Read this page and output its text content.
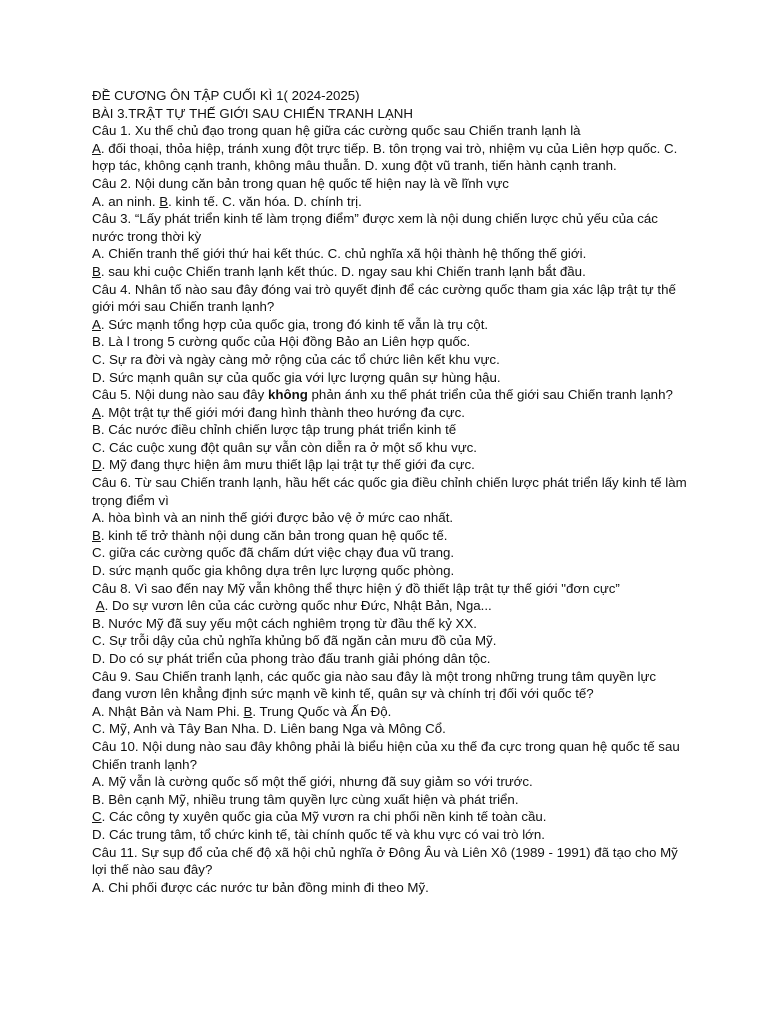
ĐỀ CƯƠNG ÔN TẬP CUỐI KÌ 1( 2024-2025)
BÀI 3.TRẬT TỰ THẾ GIỚI SAU CHIẾN TRANH LẠNH
Câu 1. Xu thế chủ đạo trong quan hệ giữa các cường quốc sau Chiến tranh lạnh là
A. đối thoại, thỏa hiệp, tránh xung đột trực tiếp. B. tôn trọng vai trò, nhiệm vụ của Liên hợp quốc. C. hợp tác, không cạnh tranh, không mâu thuẫn. D. xung đột vũ tranh, tiến hành cạnh tranh.
Câu 2. Nội dung căn bản trong quan hệ quốc tế hiện nay là về lĩnh vực
A. an ninh. B. kinh tế. C. văn hóa. D. chính trị.
Câu 3. “Lấy phát triển kinh tế làm trọng điểm” được xem là nội dung chiến lược chủ yếu của các nước trong thời kỳ
A. Chiến tranh thế giới thứ hai kết thúc. C. chủ nghĩa xã hội thành hệ thống thế giới.
B. sau khi cuộc Chiến tranh lạnh kết thúc. D. ngay sau khi Chiến tranh lạnh bắt đầu.
Câu 4. Nhân tố nào sau đây đóng vai trò quyết định để các cường quốc tham gia xác lập trật tự thế giới mới sau Chiến tranh lạnh?
A. Sức mạnh tổng hợp của quốc gia, trong đó kinh tế vẫn là trụ cột.
B. Là l trong 5 cường quốc của Hội đồng Bảo an Liên hợp quốc.
C. Sự ra đời và ngày càng mở rộng của các tổ chức liên kết khu vực.
D. Sức mạnh quân sự của quốc gia với lực lượng quân sự hùng hậu.
Câu 5. Nội dung nào sau đây không phản ánh xu thế phát triển của thế giới sau Chiến tranh lạnh?
A. Một trật tự thế giới mới đang hình thành theo hướng đa cực.
B. Các nước điều chỉnh chiến lược tập trung phát triển kinh tế
C. Các cuộc xung đột quân sự vẫn còn diễn ra ở một số khu vực.
D. Mỹ đang thực hiện âm mưu thiết lập lại trật tự thế giới đa cực.
Câu 6. Từ sau Chiến tranh lạnh, hầu hết các quốc gia điều chỉnh chiến lược phát triển lấy kinh tế làm trọng điểm vì
A. hòa bình và an ninh thế giới được bảo vệ ở mức cao nhất.
B. kinh tế trở thành nội dung căn bản trong quan hệ quốc tế.
C. giữa các cường quốc đã chấm dứt việc chạy đua vũ trang.
D. sức mạnh quốc gia không dựa trên lực lượng quốc phòng.
Câu 8. Vì sao đến nay Mỹ vẫn không thể thực hiện ý đồ thiết lập trật tự thế giới "đơn cực”
A. Do sự vươn lên của các cường quốc như Đức, Nhật Bản, Nga...
B. Nước Mỹ đã suy yếu một cách nghiêm trọng từ đầu thế kỷ XX.
C. Sự trỗi dậy của chủ nghĩa khủng bố đã ngăn cản mưu đồ của Mỹ.
D. Do có sự phát triển của phong trào đấu tranh giải phóng dân tộc.
Câu 9. Sau Chiến tranh lạnh, các quốc gia nào sau đây là một trong những trung tâm quyền lực đang vươn lên khẳng định sức mạnh về kinh tế, quân sự và chính trị đối với quốc tế?
A. Nhật Bản và Nam Phi. B. Trung Quốc và Ấn Độ.
C. Mỹ, Anh và Tây Ban Nha. D. Liên bang Nga và Mông Cổ.
Câu 10. Nội dung nào sau đây không phải là biểu hiện của xu thế đa cực trong quan hệ quốc tế sau Chiến tranh lạnh?
A. Mỹ vẫn là cường quốc số một thế giới, nhưng đã suy giảm so với trước.
B. Bên cạnh Mỹ, nhiều trung tâm quyền lực cùng xuất hiện và phát triển.
C. Các công ty xuyên quốc gia của Mỹ vươn ra chi phối nền kinh tế toàn cầu.
D. Các trung tâm, tổ chức kinh tế, tài chính quốc tế và khu vực có vai trò lớn.
Câu 11. Sự sụp đổ của chế độ xã hội chủ nghĩa ở Đông Âu và Liên Xô (1989 - 1991) đã tạo cho Mỹ lợi thế nào sau đây?
A. Chi phối được các nước tư bản đồng minh đi theo Mỹ.
